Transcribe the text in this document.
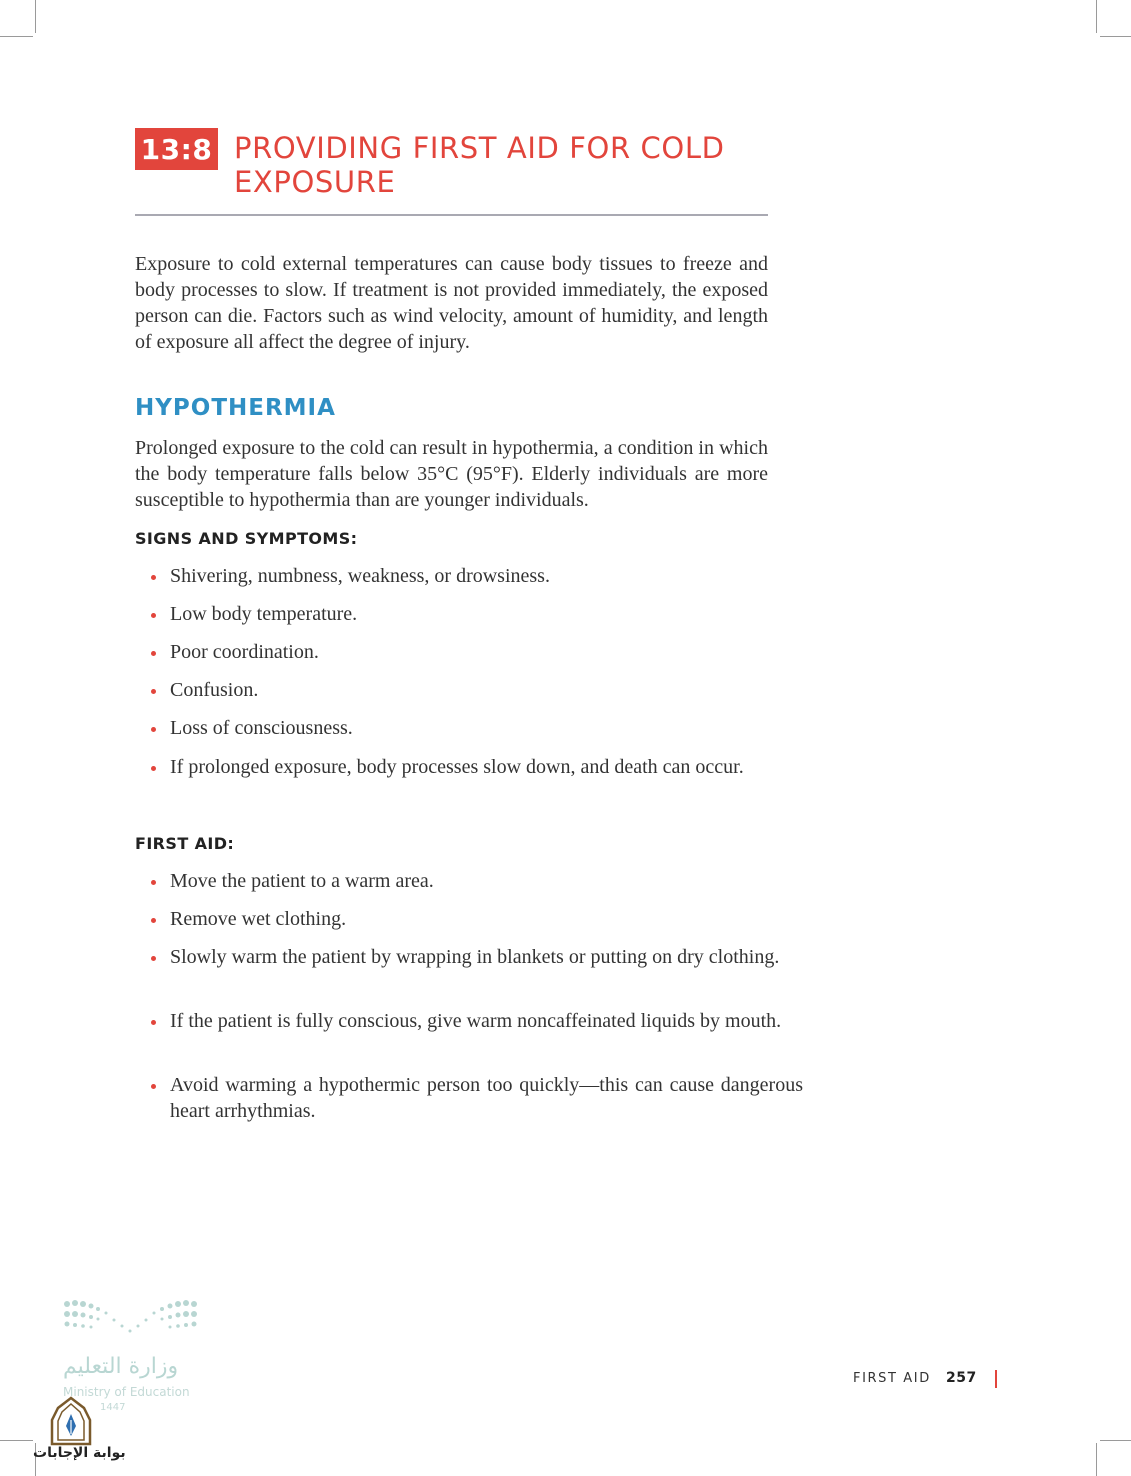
13:8 PROVIDING FIRST AID FOR COLD EXPOSURE

Exposure to cold external temperatures can cause body tissues to freeze and body processes to slow. If treatment is not provided immediately, the exposed person can die. Factors such as wind velocity, amount of humidity, and length of exposure all affect the degree of injury.

HYPOTHERMIA

Prolonged exposure to the cold can result in hypothermia, a condition in which the body temperature falls below 35°C (95°F). Elderly individuals are more susceptible to hypothermia than are younger individuals.

SIGNS AND SYMPTOMS:
Shivering, numbness, weakness, or drowsiness.
Low body temperature.
Poor coordination.
Confusion.
Loss of consciousness.
If prolonged exposure, body processes slow down, and death can occur.
FIRST AID:
Move the patient to a warm area.
Remove wet clothing.
Slowly warm the patient by wrapping in blankets or putting on dry clothing.
If the patient is fully conscious, give warm noncaffeinated liquids by mouth.
Avoid warming a hypothermic person too quickly—this can cause dangerous heart arrhythmias.
وزارة التعليم
Ministry of Education
1447
بوابة الإجابات
FIRST AID 257
